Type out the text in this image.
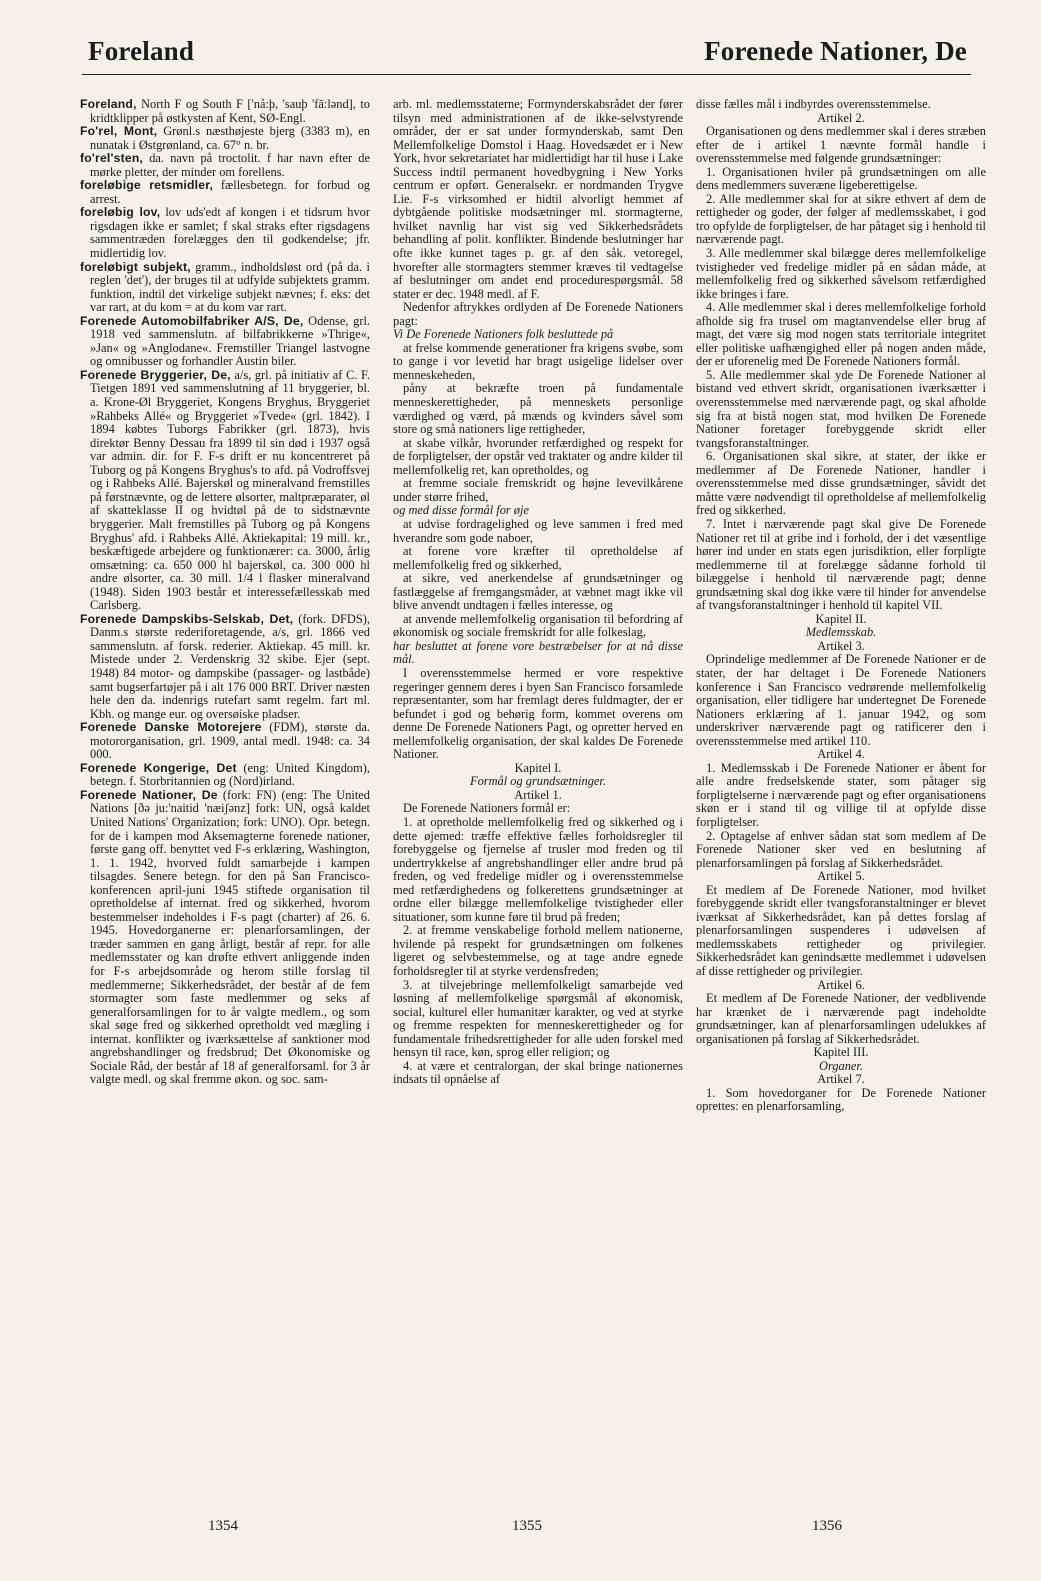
Foreland	Forenede Nationer, De

Foreland, North F og South F ['nå:þ, 'sauþ 'fă:lənd], to kridtklipper på østkysten af Kent, SØ-Engl.

Fo'rel, Mont, Grønl.s næsthøjeste bjerg (3383 m), en nunatak i Østgrønland, ca. 67° n. br.

fo'rel'sten, da. navn på troctolit. f har navn efter de mørke pletter, der minder om forellens.

foreløbige retsmidler, fællesbetegn. for forbud og arrest.

foreløbig lov, lov uds'edt af kongen i et tidsrum hvor rigsdagen ikke er samlet; f skal straks efter rigsdagens sammentræden forelægges den til godkendelse; jfr. midlertidig lov.

foreløbigt subjekt, gramm., indholdsløst ord (på da. i reglen 'det'), der bruges til at udfylde subjektets gramm. funktion, indtil det virkelige subjekt nævnes; f. eks: det var rart, at du kom = at du kom var rart.

Forenede Automobilfabriker A/S, De, Odense, grl. 1918 ved sammenslutn. af bilfabrikkerne »Thrige«, »Jan« og »Anglodane«. Fremstiller Triangel lastvogne og omnibusser og forhandler Austin biler.

Forenede Bryggerier, De, a/s, grl. på initiativ af C. F. Tietgen 1891 ved sammenslutning af 11 bryggerier, bl. a. Krone-Øl Bryggeriet, Kongens Bryghus, Bryggeriet »Rahbeks Allé« og Bryggeriet »Tvede« (grl. 1842). I 1894 købtes Tuborgs Fabrikker (grl. 1873), hvis direktør Benny Dessau fra 1899 til sin død i 1937 også var admin. dir. for F. F-s drift er nu koncentreret på Tuborg og på Kongens Bryghus's to afd. på Vodroffsvej og i Rahbeks Allé. Bajerskøl og mineralvand fremstilles på førstnævnte, og de lettere ølsorter, maltpræparater, øl af skatteklasse II og hvidtøl på de to sidstnævnte bryggerier. Malt fremstilles på Tuborg og på Kongens Bryghus' afd. i Rahbeks Allé. Aktiekapital: 19 mill. kr., beskæftigede arbejdere og funktionærer: ca. 3000, årlig omsætning: ca. 650 000 hl bajerskøl, ca. 300 000 hl andre ølsorter, ca. 30 mill. 1/4 l flasker mineralvand (1948). Siden 1903 består et interessefællesskab med Carlsberg.

Forenede Dampskibs-Selskab, Det, (fork. DFDS), Danm.s største rederiforetagende, a/s, grl. 1866 ved sammenslutn. af forsk. rederier. Aktiekap. 45 mill. kr. Mistede under 2. Verdenskrig 32 skibe. Ejer (sept. 1948) 84 motor- og dampskibe (passager- og lastbåde) samt bugserfartøjer på i alt 176 000 BRT. Driver næsten hele den da. indenrigs rutefart samt regelm. fart ml. Kbh. og mange eur. og oversøiske pladser.

Forenede Danske Motorejere (FDM), største da. motororganisation, grl. 1909, antal medl. 1948: ca. 34 000.

Forenede Kongerige, Det (eng: United Kingdom), betegn. f. Storbritannien og (Nord)irland.

Forenede Nationer, De (fork: FN) (eng: The United Nations [ðə ju:'naitid 'næiʃənz] fork: UN, også kaldet United Nations' Organization; fork: UNO). Opr. betegn. for de i kampen mod Aksemagterne forenede nationer, første gang off. benyttet ved F-s erklæring, Washington, 1. 1. 1942, hvorved fuldt samarbejde i kampen tilsagdes. Senere betegn. for den på San Francisco-konferencen april-juni 1945 stiftede organisation til opretholdelse af internat. fred og sikkerhed, hvorom bestemmelser indeholdes i F-s pagt (charter) af 26. 6. 1945. Hovedorganerne er: plenarforsamlingen, der træder sammen en gang årligt, består af repr. for alle medlemsstater og kan drøfte ethvert anliggende inden for F-s arbejdsområde og herom stille forslag til medlemmerne; Sikkerhedsrådet, der består af de fem stormagter som faste medlemmer og seks af generalforsamlingen for to år valgte medlem., og som skal søge fred og sikkerhed opretholdt ved mægling i internat. konflikter og iværksættelse af sanktioner mod angrebshandlinger og fredsbrud; Det Økonomiske og Sociale Råd, der består af 18 af generalforsaml. for 3 år valgte medl. og skal fremme økon. og soc. sam-

arb. ml. medlemsstaterne; Formynderskabsrådet der fører tilsyn med administrationen af de ikke-selvstyrende områder, der er sat under formynderskab, samt Den Mellemfolkelige Domstol i Haag. Hovedsædet er i New York, hvor sekretariatet har midlertidigt har til huse i Lake Success indtil permanent hovedbygning i New Yorks centrum er opført. Generalsekr. er nordmanden Trygve Lie. F-s virksomhed er hidtil alvorligt hemmet af dybtgående politiske modsætninger ml. stormagterne, hvilket navnlig har vist sig ved Sikkerhedsrådets behandling af polit. konflikter. Bindende beslutninger har ofte ikke kunnet tages p. gr. af den såk. vetoregel, hvorefter alle stormagters stemmer kræves til vedtagelse af beslutninger om andet end procedurespørgsmål. 58 stater er dec. 1948 medl. af F.

Nedenfor aftrykkes ordlyden af De Forenede Nationers pagt:

Vi De Forenede Nationers folk besluttede på

at frelse kommende generationer fra krigens svøbe, som to gange i vor levetid har bragt usigelige lidelser over menneskeheden,

påny at bekræfte troen på fundamentale menneskerettigheder, på menneskets personlige værdighed og værd, på mænds og kvinders såvel som store og små nationers lige rettigheder,

at skabe vilkår, hvorunder retfærdighed og respekt for de forpligtelser, der opstår ved traktater og andre kilder til mellemfolkelig ret, kan opretholdes, og

at fremme sociale fremskridt og højne levevilkårene under større frihed,

og med disse formål for øje

at udvise fordragelighed og leve sammen i fred med hverandre som gode naboer,

at forene vore kræfter til opretholdelse af mellemfolkelig fred og sikkerhed,

at sikre, ved anerkendelse af grundsætninger og fastlæggelse af fremgangsmåder, at væbnet magt ikke vil blive anvendt undtagen i fælles interesse, og

at anvende mellemfolkelig organisation til befordring af økonomisk og sociale fremskridt for alle folkeslag,

har besluttet at forene vore bestræbelser for at nå disse mål.

I overensstemmelse hermed er vore respektive regeringer gennem deres i byen San Francisco forsamlede repræsentanter, som har fremlagt deres fuldmagter, der er befundet i god og behørig form, kommet overens om denne De Forenede Nationers Pagt, og opretter herved en mellemfolkelig organisation, der skal kaldes De Forenede Nationer.

Kapitel I.

Formål og grundsætninger.

Artikel 1.

De Forenede Nationers formål er:

1. at opretholde mellemfolkelig fred og sikkerhed og i dette øjemed: træffe effektive fælles forholdsregler til forebyggelse og fjernelse af trusler mod freden og til undertrykkelse af angrebshandlinger eller andre brud på freden, og ved fredelige midler og i overensstemmelse med retfærdighedens og folkerettens grundsætninger at ordne eller bilægge mellemfolkelige tvistigheder eller situationer, som kunne føre til brud på freden;

2. at fremme venskabelige forhold mellem nationerne, hvilende på respekt for grundsætningen om folkenes ligeret og selvbestemmelse, og at tage andre egnede forholdsregler til at styrke verdensfreden;

3. at tilvejebringe mellemfolkeligt samarbejde ved løsning af mellemfolkelige spørgsmål af økonomisk, social, kulturel eller humanitær karakter, og ved at styrke og fremme respekten for menneskerettigheder og for fundamentale frihedsrettigheder for alle uden forskel med hensyn til race, køn, sprog eller religion; og

4. at være et centralorgan, der skal bringe nationernes indsats til opnåelse af

disse fælles mål i indbyrdes overensstemmelse.

Artikel 2.

Organisationen og dens medlemmer skal i deres stræben efter de i artikel 1 nævnte formål handle i overensstemmelse med følgende grundsætninger:

1. Organisationen hviler på grundsætningen om alle dens medlemmers suveræne ligeberettigelse.

2. Alle medlemmer skal for at sikre ethvert af dem de rettigheder og goder, der følger af medlemsskabet, i god tro opfylde de forpligtelser, de har påtaget sig i henhold til nærværende pagt.

3. Alle medlemmer skal bilægge deres mellemfolkelige tvistigheder ved fredelige midler på en sådan måde, at mellemfolkelig fred og sikkerhed såvelsom retfærdighed ikke bringes i fare.

4. Alle medlemmer skal i deres mellemfolkelige forhold afholde sig fra trusel om magtanvendelse eller brug af magt, det være sig mod nogen stats territoriale integritet eller politiske uafhængighed eller på nogen anden måde, der er uforenelig med De Forenede Nationers formål.

5. Alle medlemmer skal yde De Forenede Nationer al bistand ved ethvert skridt, organisationen iværksætter i overensstemmelse med nærværende pagt, og skal afholde sig fra at bistå nogen stat, mod hvilken De Forenede Nationer foretager forebyggende skridt eller tvangsforanstaltninger.

6. Organisationen skal sikre, at stater, der ikke er medlemmer af De Forenede Nationer, handler i overensstemmelse med disse grundsætninger, såvidt det måtte være nødvendigt til opretholdelse af mellemfolkelig fred og sikkerhed.

7. Intet i nærværende pagt skal give De Forenede Nationer ret til at gribe ind i forhold, der i det væsentlige hører ind under en stats egen jurisdiktion, eller forpligte medlemmerne til at forelægge sådanne forhold til bilæggelse i henhold til nærværende pagt; denne grundsætning skal dog ikke være til hinder for anvendelse af tvangsforanstaltninger i henhold til kapitel VII.

Kapitel II.

Medlemsskab.

Artikel 3.

Oprindelige medlemmer af De Forenede Nationer er de stater, der har deltaget i De Forenede Nationers konference i San Francisco vedrørende mellemfolkelig organisation, eller tidligere har undertegnet De Forenede Nationers erklæring af 1. januar 1942, og som underskriver nærværende pagt og ratificerer den i overensstemmelse med artikel 110.

Artikel 4.

1. Medlemsskab i De Forenede Nationer er åbent for alle andre fredselskende stater, som påtager sig forpligtelserne i nærværende pagt og efter organisationens skøn er i stand til og villige til at opfylde disse forpligtelser.

2. Optagelse af enhver sådan stat som medlem af De Forenede Nationer sker ved en beslutning af plenarforsamlingen på forslag af Sikkerhedsrådet.

Artikel 5.

Et medlem af De Forenede Nationer, mod hvilket forebyggende skridt eller tvangsforanstaltninger er blevet iværksat af Sikkerhedsrådet, kan på dettes forslag af plenarforsamlingen suspenderes i udøvelsen af medlemsskabets rettigheder og privilegier. Sikkerhedsrådet kan genindsætte medlemmet i udøvelsen af disse rettigheder og privilegier.

Artikel 6.

Et medlem af De Forenede Nationer, der vedblivende har krænket de i nærværende pagt indeholdte grundsætninger, kan af plenarforsamlingen udelukkes af organisationen på forslag af Sikkerhedsrådet.

Kapitel III.

Organer.

Artikel 7.

1. Som hovedorganer for De Forenede Nationer oprettes: en plenarforsamling,

1354	1355	1356
